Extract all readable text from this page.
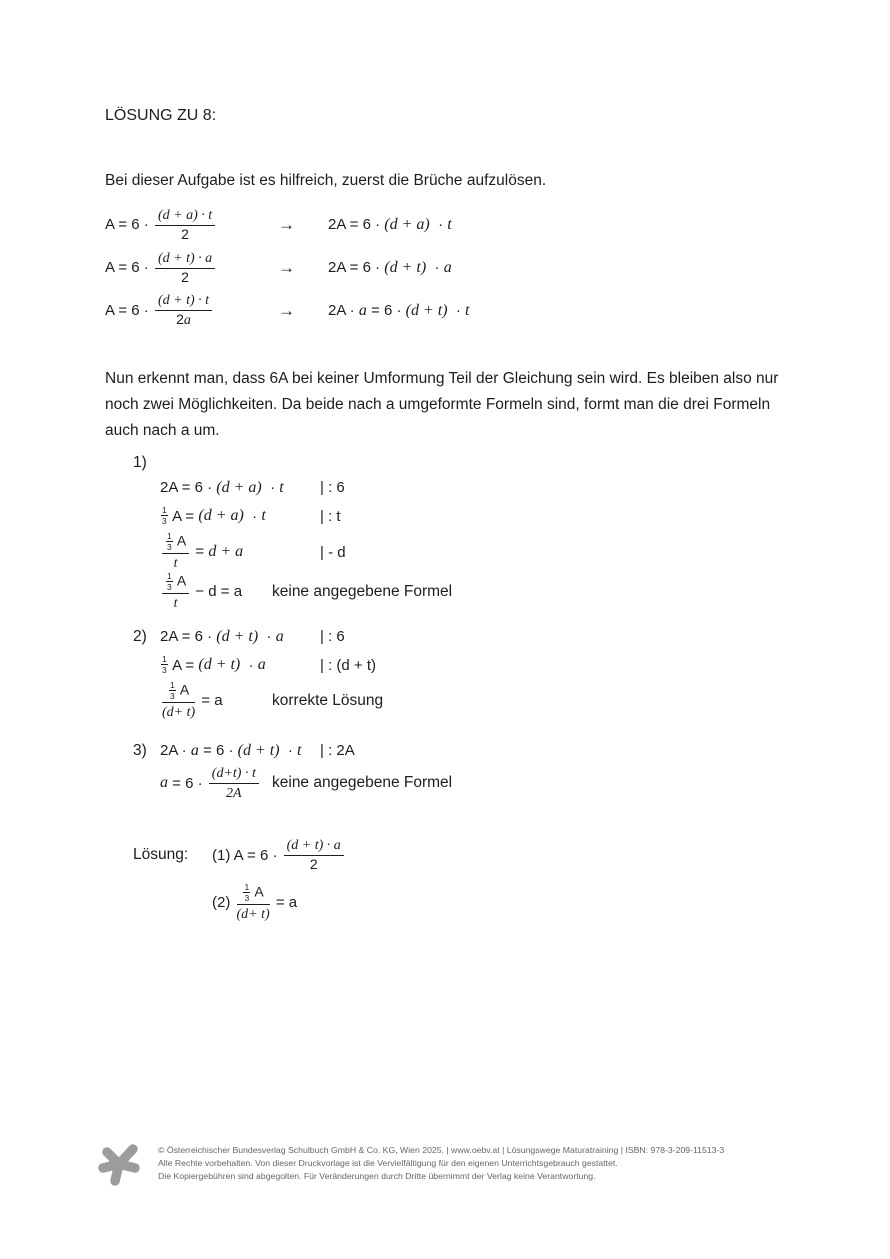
LÖSUNG ZU 8:
Bei dieser Aufgabe ist es hilfreich, zuerst die Brüche aufzulösen.
$A = 6 \cdot \frac{(d + a) \cdot t}{2}$	→	2A = 6 · (d + a) · t
$A = 6 \cdot \frac{(d + t) \cdot a}{2}$	→	2A = 6 · (d + t) · a
$A = 6 \cdot \frac{(d + t) \cdot t}{2a}$	→	2A · a = 6 · (d + t) · t
Nun erkennt man, dass 6A bei keiner Umformung Teil der Gleichung sein wird. Es bleiben also nur
noch zwei Möglichkeiten. Da beide nach a umgeformte Formeln sind, formt man die drei Formeln
auch nach a um.
1)
2A = 6 · (d + a) · t | : 6
$\frac{1}{3}$ A = (d + a) · t	| : t
$\frac{\frac{1}{3} A}{t} = d + a$	| - d
$\frac{\frac{1}{3} A}{t} - d = a$ keine angegebene Formel
2) 2A = 6 · (d + t) · a | : 6
$\frac{1}{3}$ A = (d + t) · a	| : (d + t)
$\frac{\frac{1}{3} A}{(d+ t)} = a$	korrekte Lösung
3) 2A · a = 6 · (d + t) · t | : 2A
$a = 6 \cdot \frac{(d+t) \cdot t}{2A}$ keine angegebene Formel
Lösung:	(1) $A = 6 \cdot \frac{(d + t) \cdot a}{2}$
$(2) \frac{\frac{1}{3} A}{(d+ t)} = a$
© Österreichischer Bundesverlag Schulbuch GmbH & Co. KG, Wien 2025. | www.oebv.at | Lösungswege Maturatraining | ISBN: 978-3-209-11513-3
Alle Rechte vorbehalten. Von dieser Druckvorlage ist die Vervielfältigung für den eigenen Unterrichtsgebrauch gestattet.
Die Kopiergebühren sind abgegolten. Für Veränderungen durch Dritte übernimmt der Verlag keine Verantwortung.
